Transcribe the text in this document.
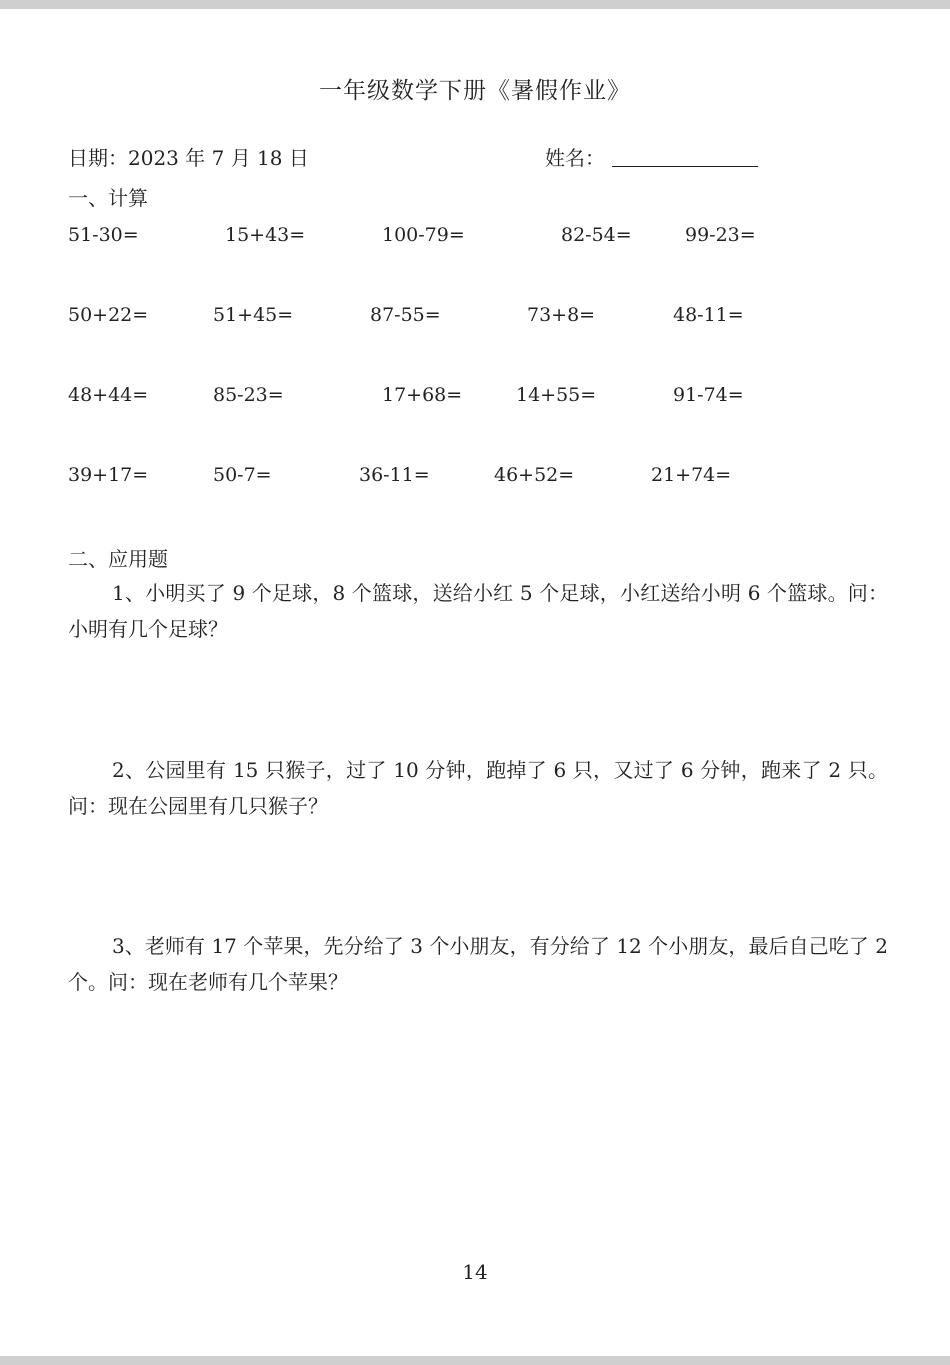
一年级数学下册《暑假作业》
日期：2023 年 7 月 18 日	姓名：
一、计算
51-30=	15+43=	100-79=	82-54=	99-23=
50+22=	51+45=	87-55=	73+8=	48-11=
48+44=	85-23=	17+68=	14+55=	91-74=
39+17=	50-7=	36-11=	46+52=	21+74=
二、应用题
1、小明买了 9 个足球，8 个篮球，送给小红 5 个足球，小红送给小明 6 个篮球。问：小明有几个足球？
2、公园里有 15 只猴子，过了 10 分钟，跑掉了 6 只，又过了 6 分钟，跑来了 2 只。问：现在公园里有几只猴子？
3、老师有 17 个苹果，先分给了 3 个小朋友，有分给了 12 个小朋友，最后自己吃了 2 个。问：现在老师有几个苹果？
14
